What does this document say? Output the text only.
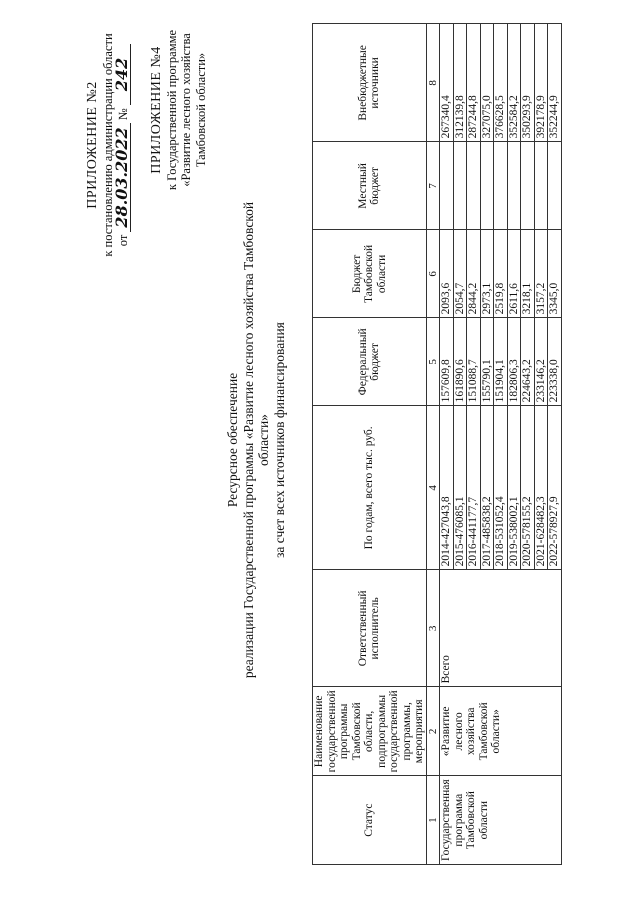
ПРИЛОЖЕНИЕ №2 к постановлению администрации области от 28.03.2022 № 242 ПРИЛОЖЕНИЕ №4 к Государственной программе «Развитие лесного хозяйства Тамбовской области»
Ресурсное обеспечение реализации Государственной программы «Развитие лесного хозяйства Тамбовской области» за счет всех источников финансирования
Статус	Наименование государственной программы Тамбовской области, подпрограммы государственной программы, мероприятия	Ответственный исполнитель	По годам, всего тыс. руб.	Федеральный бюджет	Бюджет Тамбовской области	Местный бюджет	Внебюджетные источники
1	2	3	4	5	6	7	8
Государственная программа Тамбовской области	«Развитие лесного хозяйства Тамбовской области»	Всего	2014-427043,8	157609,8	2093,6		267340,4
			2015-476085,1	161890,6	2054,7		312139,8
			2016-441177,7	151088,7	2844,2		287244,8
			2017-485838,2	155790,1	2973,1		327075,0
			2018-531052,4	151904,1	2519,8		376628,5
			2019-538002,1	182806,3	2611,6		352584,2
			2020-578155,2	224643,2	3218,1		350293,9
			2021-628482,3	233146,2	3157,2		392178,9
			2022-578927,9	223338,0	3345,0		352244,9
